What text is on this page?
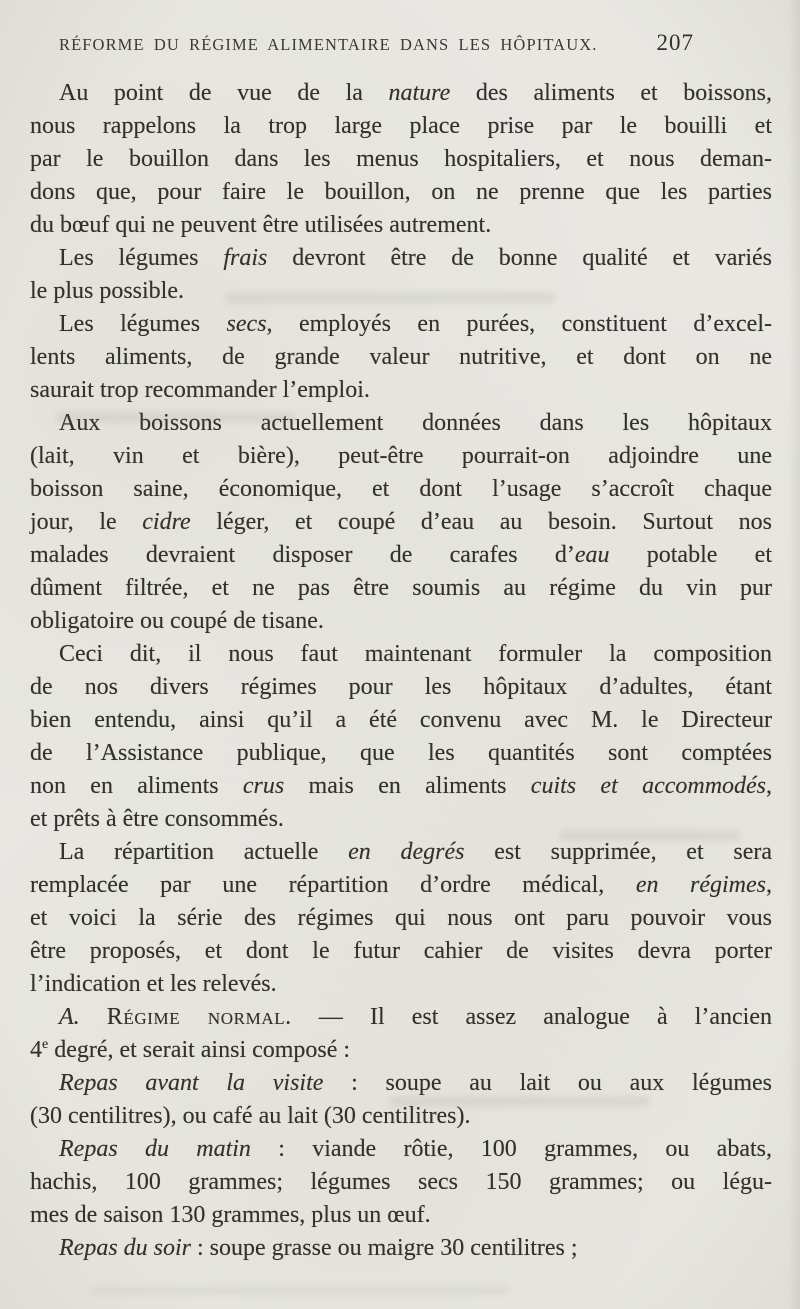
RÉFORME DU RÉGIME ALIMENTAIRE DANS LES HÔPITAUX.	207
Au point de vue de la nature des aliments et boissons,
nous rappelons la trop large place prise par le bouilli et
par le bouillon dans les menus hospitaliers, et nous deman-
dons que, pour faire le bouillon, on ne prenne que les parties
du bœuf qui ne peuvent être utilisées autrement.
Les légumes frais devront être de bonne qualité et variés
le plus possible.
Les légumes secs, employés en purées, constituent d’excel-
lents aliments, de grande valeur nutritive, et dont on ne
saurait trop recommander l’emploi.
Aux boissons actuellement données dans les hôpitaux
(lait, vin et bière), peut-être pourrait-on adjoindre une
boisson saine, économique, et dont l’usage s’accroît chaque
jour, le cidre léger, et coupé d’eau au besoin. Surtout nos
malades devraient disposer de carafes d’eau potable et
dûment filtrée, et ne pas être soumis au régime du vin pur
obligatoire ou coupé de tisane.
Ceci dit, il nous faut maintenant formuler la composition
de nos divers régimes pour les hôpitaux d’adultes, étant
bien entendu, ainsi qu’il a été convenu avec M. le Directeur
de l’Assistance publique, que les quantités sont comptées
non en aliments crus mais en aliments cuits et accommodés,
et prêts à être consommés.
La répartition actuelle en degrés est supprimée, et sera
remplacée par une répartition d’ordre médical, en régimes,
et voici la série des régimes qui nous ont paru pouvoir vous
être proposés, et dont le futur cahier de visites devra porter
l’indication et les relevés.
A. Régime normal. — Il est assez analogue à l’ancien
4e degré, et serait ainsi composé :
Repas avant la visite : soupe au lait ou aux légumes
(30 centilitres), ou café au lait (30 centilitres).
Repas du matin : viande rôtie, 100 grammes, ou abats,
hachis, 100 grammes; légumes secs 150 grammes; ou légu-
mes de saison 130 grammes, plus un œuf.
Repas du soir : soupe grasse ou maigre 30 centilitres ;
